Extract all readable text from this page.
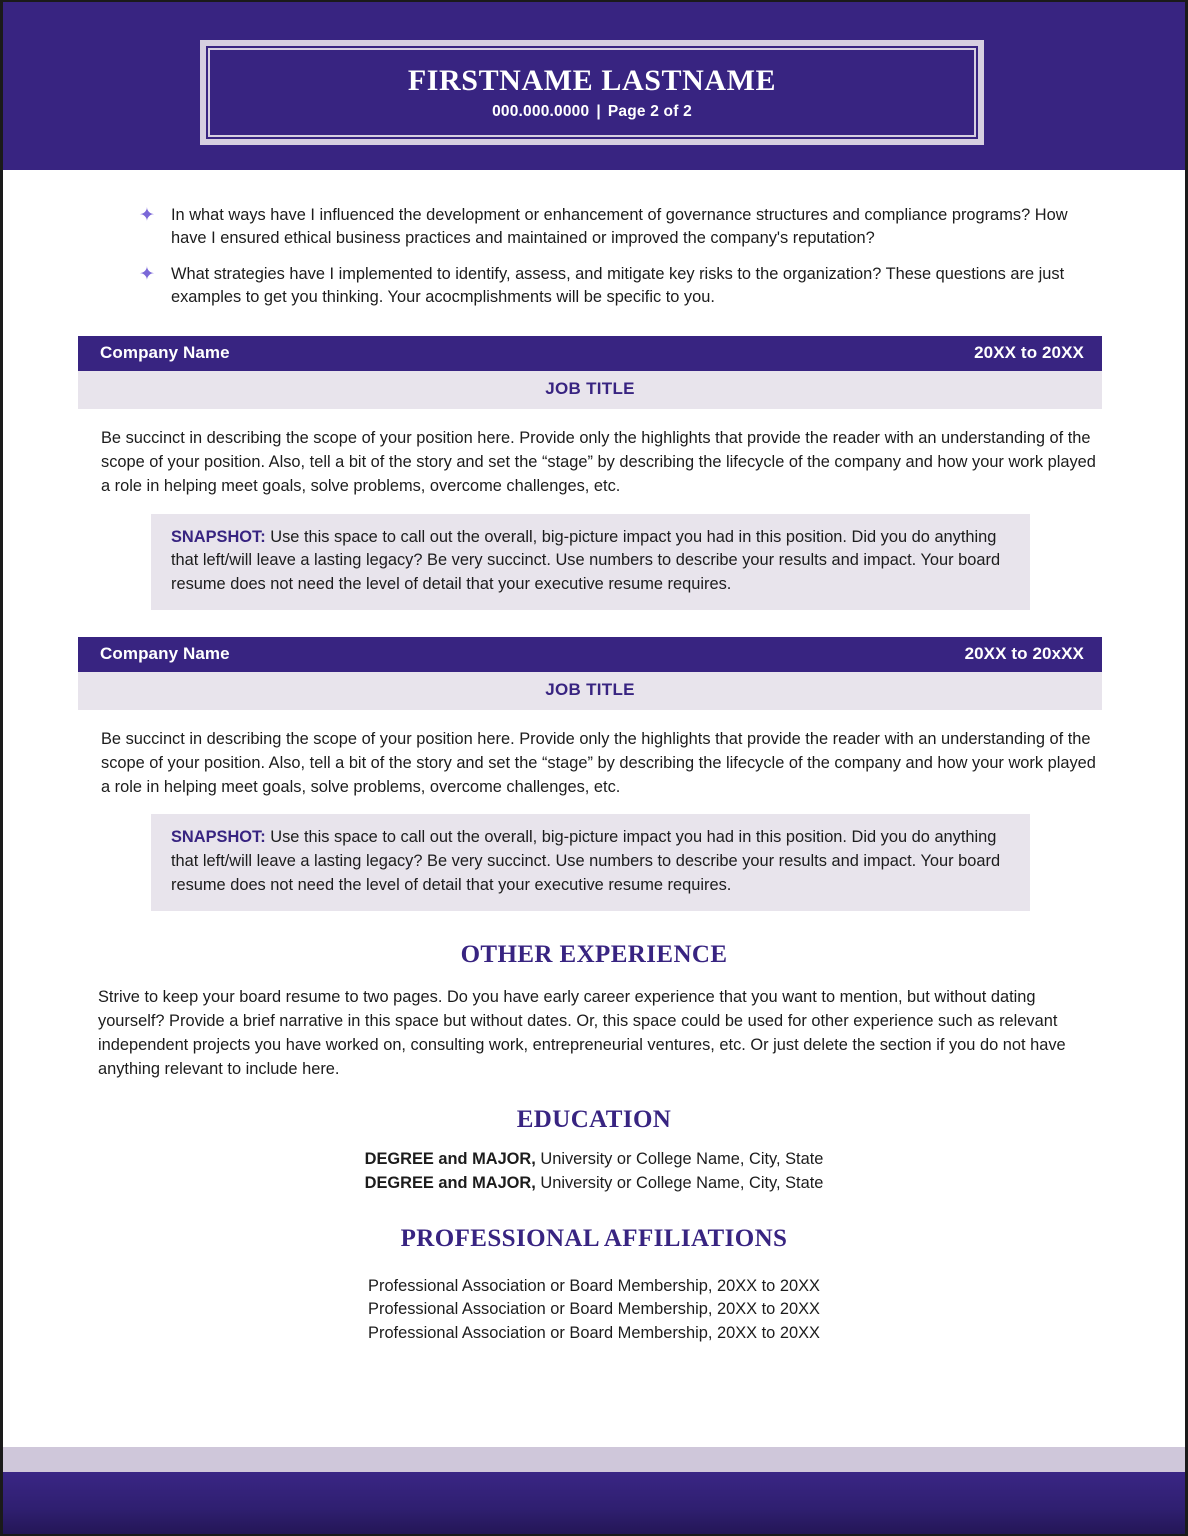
FIRSTNAME LASTNAME
000.000.0000 | Page 2 of 2
✦ In what ways have I influenced the development or enhancement of governance structures and compliance programs? How have I ensured ethical business practices and maintained or improved the company's reputation?
✦ What strategies have I implemented to identify, assess, and mitigate key risks to the organization? These questions are just examples to get you thinking. Your acocmplishments will be specific to you.
Company Name	20XX to 20XX
JOB TITLE

Be succinct in describing the scope of your position here. Provide only the highlights that provide the reader with an understanding of the scope of your position. Also, tell a bit of the story and set the “stage” by describing the lifecycle of the company and how your work played a role in helping meet goals, solve problems, overcome challenges, etc.

SNAPSHOT: Use this space to call out the overall, big-picture impact you had in this position. Did you do anything that left/will leave a lasting legacy? Be very succinct. Use numbers to describe your results and impact. Your board resume does not need the level of detail that your executive resume requires.
Company Name	20XX to 20xXX
JOB TITLE

Be succinct in describing the scope of your position here. Provide only the highlights that provide the reader with an understanding of the scope of your position. Also, tell a bit of the story and set the “stage” by describing the lifecycle of the company and how your work played a role in helping meet goals, solve problems, overcome challenges, etc.

SNAPSHOT: Use this space to call out the overall, big-picture impact you had in this position. Did you do anything that left/will leave a lasting legacy? Be very succinct. Use numbers to describe your results and impact. Your board resume does not need the level of detail that your executive resume requires.
OTHER EXPERIENCE

Strive to keep your board resume to two pages. Do you have early career experience that you want to mention, but without dating yourself? Provide a brief narrative in this space but without dates. Or, this space could be used for other experience such as relevant independent projects you have worked on, consulting work, entrepreneurial ventures, etc. Or just delete the section if you do not have anything relevant to include here.

EDUCATION
DEGREE and MAJOR, University or College Name, City, State
DEGREE and MAJOR, University or College Name, City, State
PROFESSIONAL AFFILIATIONS
Professional Association or Board Membership, 20XX to 20XX
Professional Association or Board Membership, 20XX to 20XX
Professional Association or Board Membership, 20XX to 20XX
